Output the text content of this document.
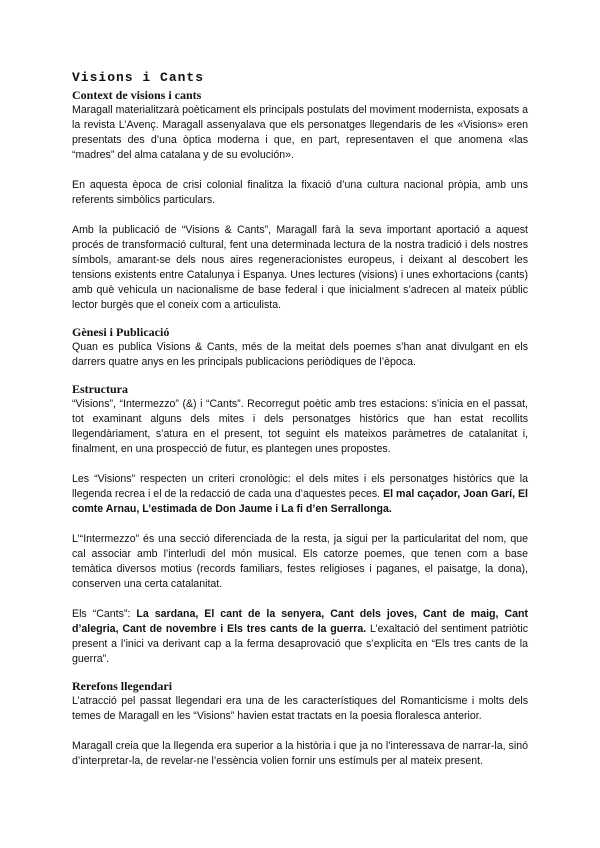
Visions i Cants
Context de visions i cants

Maragall materialitzarà poèticament els principals postulats del moviment modernista, exposats a la revista L’Avenç. Maragall assenyalava que els personatges llegendaris de les «Visions» eren presentats des d’una òptica moderna i que, en part, representaven el que anomena «las “madres” del alma catalana y de su evolución».

En aquesta època de crisi colonial finalitza la fixació d’una cultura nacional pròpia, amb uns referents simbòlics particulars.

Amb la publicació de “Visions & Cants”, Maragall farà la seva important aportació a aquest procés de transformació cultural, fent una determinada lectura de la nostra tradició i dels nostres símbols, amarant-se dels nous aires regeneracionistes europeus, i deixant al descobert les tensions existents entre Catalunya i Espanya. Unes lectures (visions) i unes exhortacions (cants) amb què vehicula un nacionalisme de base federal i que inicialment s’adrecen al mateix públic lector burgès que el coneix com a articulista.

Gènesi i Publicació

Quan es publica Visions & Cants, més de la meitat dels poemes s’han anat divulgant en els darrers quatre anys en les principals publicacions periòdiques de l’època.

Estructura

“Visions”, “Intermezzo” (&) i “Cants”. Recorregut poètic amb tres estacions: s’inicia en el passat, tot examinant alguns dels mites i dels personatges històrics que han estat recollits llegendàriament, s’atura en el present, tot seguint els mateixos paràmetres de catalanitat i, finalment, en una prospecció de futur, es plantegen unes propostes.

Les “Visions” respecten un criteri cronològic: el dels mites i els personatges històrics que la llegenda recrea i el de la redacció de cada una d’aquestes peces. El mal caçador, Joan Garí, El comte Arnau, L’estimada de Don Jaume i La fi d’en Serrallonga.

L’“Intermezzo” és una secció diferenciada de la resta, ja sigui per la particularitat del nom, que cal associar amb l’interludi del món musical. Els catorze poemes, que tenen com a base temàtica diversos motius (records familiars, festes religioses i paganes, el paisatge, la dona), conserven una certa catalanitat.

Els “Cants”: La sardana, El cant de la senyera, Cant dels joves, Cant de maig, Cant d’alegria, Cant de novembre i Els tres cants de la guerra. L’exaltació del sentiment patriòtic present a l’inici va derivant cap a la ferma desaprovació que s’explicita en “Els tres cants de la guerra”.

Rerefons llegendari

L’atracció pel passat llegendari era una de les característiques del Romanticisme i molts dels temes de Maragall en les “Visions” havien estat tractats en la poesia floralesca anterior.

Maragall creia que la llegenda era superior a la història i que ja no l’interessava de narrar-la, sinó d’interpretar-la, de revelar-ne l’essència volien fornir uns estímuls per al mateix present.
